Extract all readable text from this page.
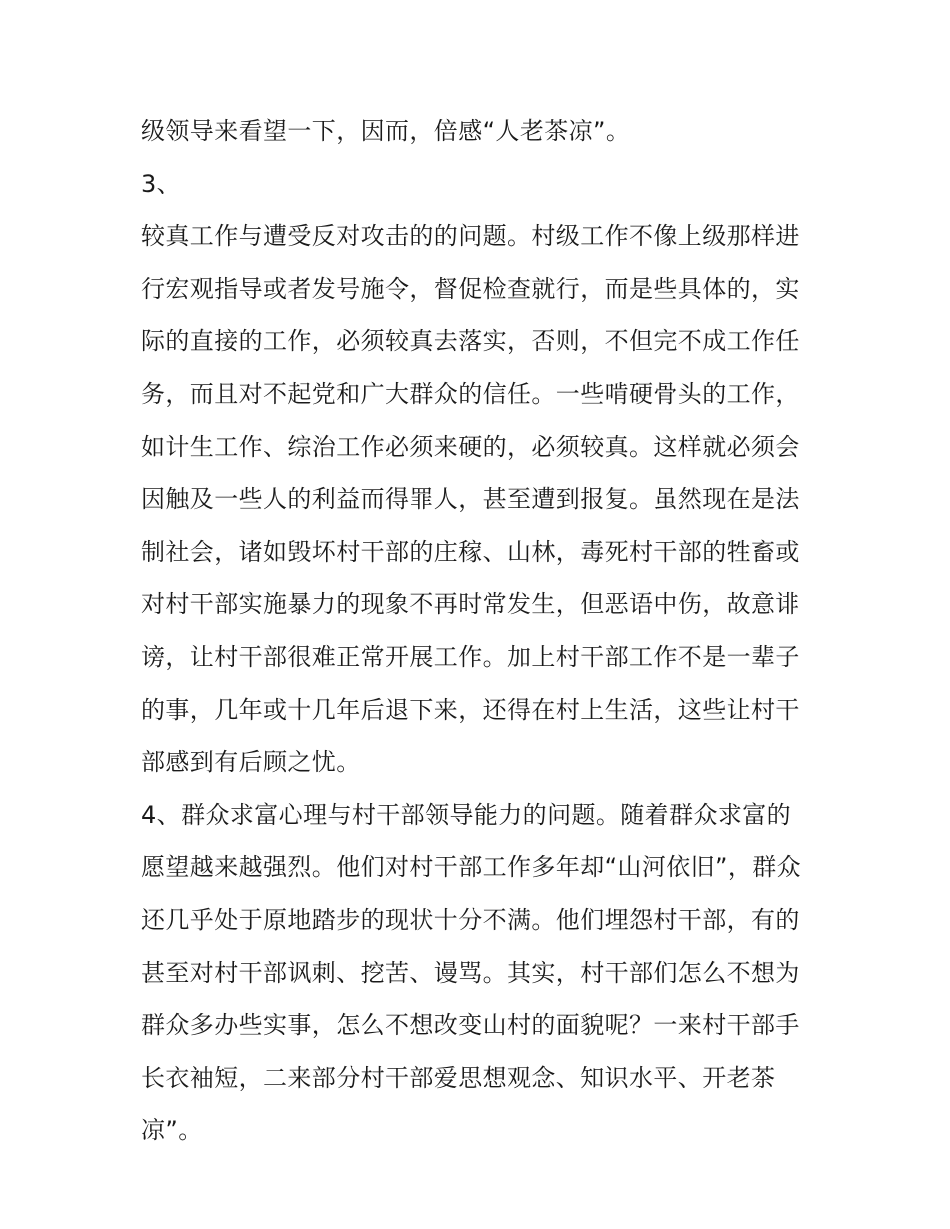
级领导来看望一下，因而，倍感“人老茶凉”。
3、
较真工作与遭受反对攻击的的问题。村级工作不像上级那样进
行宏观指导或者发号施令，督促检查就行，而是些具体的，实
际的直接的工作，必须较真去落实，否则，不但完不成工作任
务，而且对不起党和广大群众的信任。一些啃硬骨头的工作，
如计生工作、综治工作必须来硬的，必须较真。这样就必须会
因触及一些人的利益而得罪人，甚至遭到报复。虽然现在是法
制社会，诸如毁坏村干部的庄稼、山林，毒死村干部的牲畜或
对村干部实施暴力的现象不再时常发生，但恶语中伤，故意诽
谤，让村干部很难正常开展工作。加上村干部工作不是一辈子
的事，几年或十几年后退下来，还得在村上生活，这些让村干
部感到有后顾之忧。
4、群众求富心理与村干部领导能力的问题。随着群众求富的
愿望越来越强烈。他们对村干部工作多年却“山河依旧”，群众
还几乎处于原地踏步的现状十分不满。他们埋怨村干部，有的
甚至对村干部讽刺、挖苦、谩骂。其实，村干部们怎么不想为
群众多办些实事，怎么不想改变山村的面貌呢？一来村干部手
长衣袖短，二来部分村干部爱思想观念、知识水平、开老茶
凉”。
